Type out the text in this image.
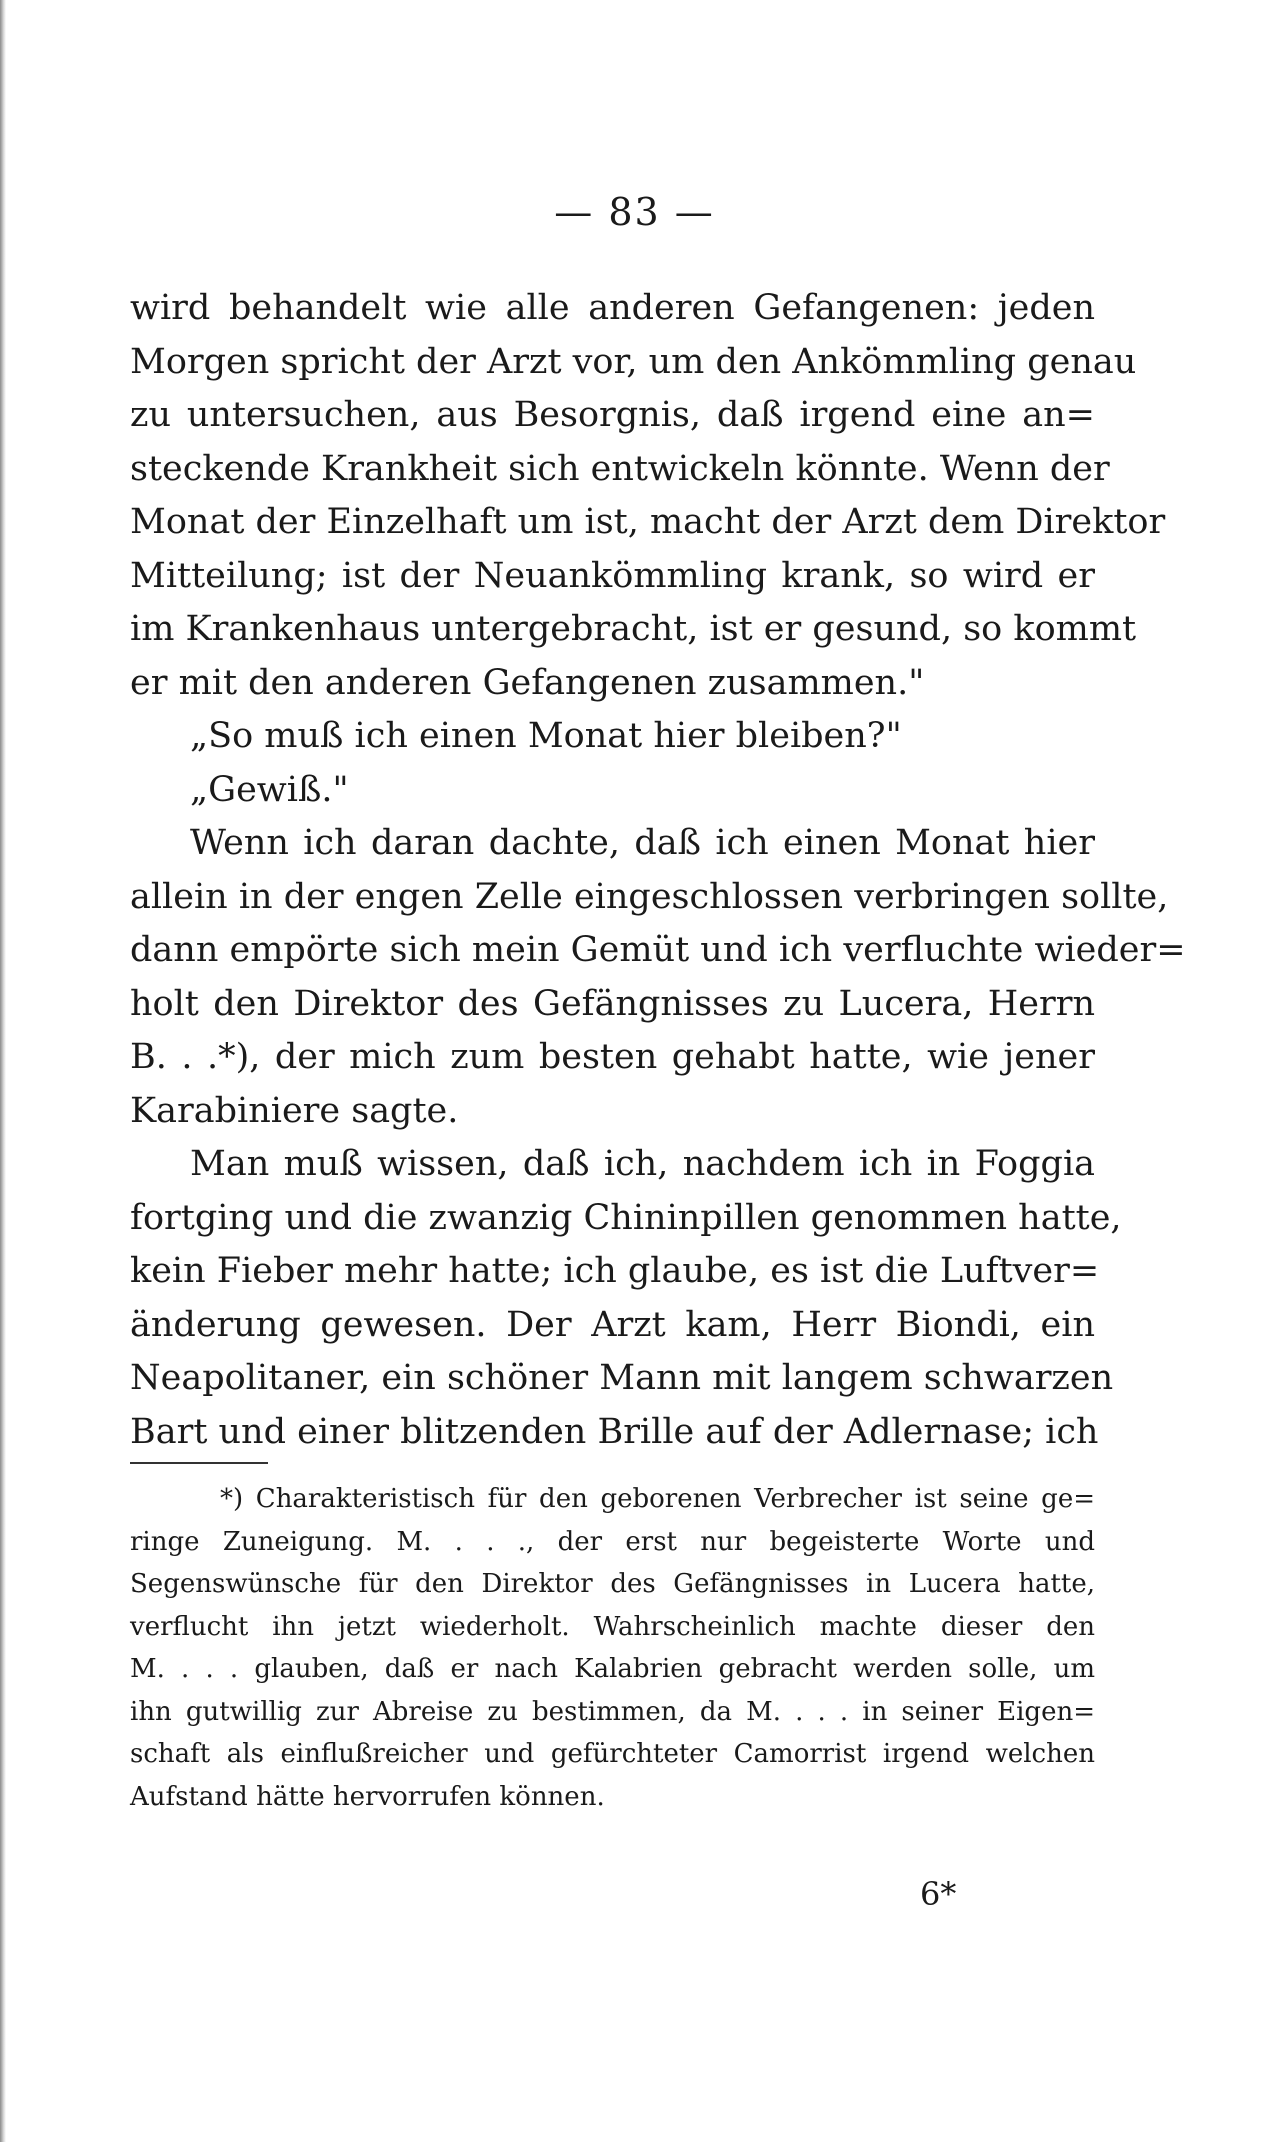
— 83 —

wird behandelt wie alle anderen Gefangenen: jeden
Morgen spricht der Arzt vor, um den Ankömmling genau
zu untersuchen, aus Besorgnis, daß irgend eine an=
steckende Krankheit sich entwickeln könnte. Wenn der
Monat der Einzelhaft um ist, macht der Arzt dem Direktor
Mitteilung; ist der Neuankömmling krank, so wird er
im Krankenhaus untergebracht, ist er gesund, so kommt
er mit den anderen Gefangenen zusammen."
„So muß ich einen Monat hier bleiben?"
„Gewiß."
Wenn ich daran dachte, daß ich einen Monat hier
allein in der engen Zelle eingeschlossen verbringen sollte,
dann empörte sich mein Gemüt und ich verfluchte wieder=
holt den Direktor des Gefängnisses zu Lucera, Herrn
B. . .*), der mich zum besten gehabt hatte, wie jener
Karabiniere sagte.
Man muß wissen, daß ich, nachdem ich in Foggia
fortging und die zwanzig Chininpillen genommen hatte,
kein Fieber mehr hatte; ich glaube, es ist die Luftver=
änderung gewesen. Der Arzt kam, Herr Biondi, ein
Neapolitaner, ein schöner Mann mit langem schwarzen
Bart und einer blitzenden Brille auf der Adlernase; ich
*) Charakteristisch für den geborenen Verbrecher ist seine ge=
ringe Zuneigung. M. . . ., der erst nur begeisterte Worte und
Segenswünsche für den Direktor des Gefängnisses in Lucera hatte,
verflucht ihn jetzt wiederholt. Wahrscheinlich machte dieser den
M. . . . glauben, daß er nach Kalabrien gebracht werden solle, um
ihn gutwillig zur Abreise zu bestimmen, da M. . . . in seiner Eigen=
schaft als einflußreicher und gefürchteter Camorrist irgend welchen
Aufstand hätte hervorrufen können.

6*
